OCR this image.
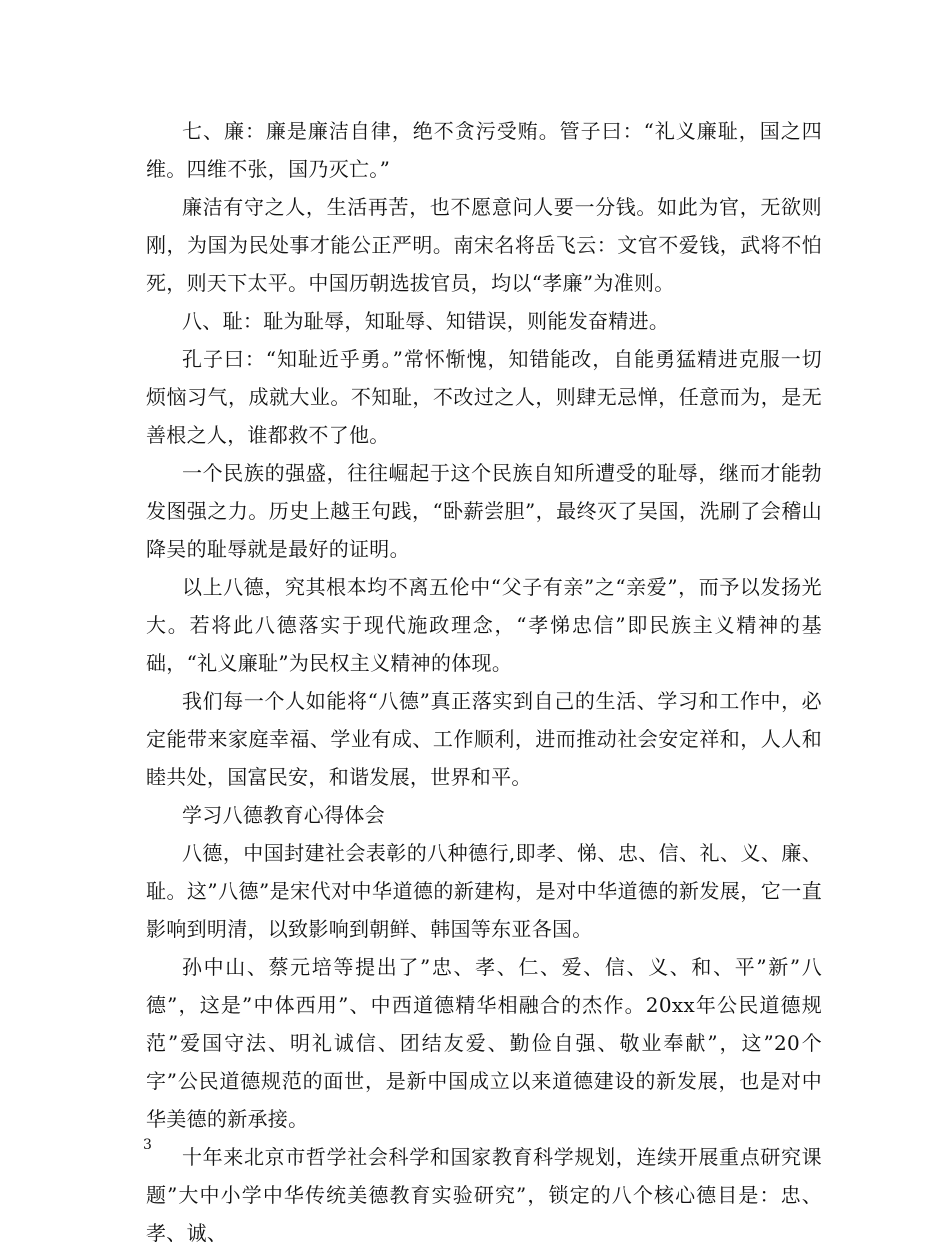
七、廉：廉是廉洁自律，绝不贪污受贿。管子曰：“礼义廉耻，国之四维。四维不张，国乃灭亡。”

廉洁有守之人，生活再苦，也不愿意问人要一分钱。如此为官，无欲则刚，为国为民处事才能公正严明。南宋名将岳飞云：文官不爱钱，武将不怕死，则天下太平。中国历朝选拔官员，均以“孝廉”为准则。

八、耻：耻为耻辱，知耻辱、知错误，则能发奋精进。

孔子曰：“知耻近乎勇。”常怀惭愧，知错能改，自能勇猛精进克服一切烦恼习气，成就大业。不知耻，不改过之人，则肆无忌惮，任意而为，是无善根之人，谁都救不了他。

一个民族的强盛，往往崛起于这个民族自知所遭受的耻辱，继而才能勃发图强之力。历史上越王句践，“卧薪尝胆”，最终灭了吴国，洗刷了会稽山降吴的耻辱就是最好的证明。

以上八德，究其根本均不离五伦中“父子有亲”之“亲爱”，而予以发扬光大。若将此八德落实于现代施政理念，“孝悌忠信”即民族主义精神的基础，“礼义廉耻”为民权主义精神的体现。

我们每一个人如能将“八德”真正落实到自己的生活、学习和工作中，必定能带来家庭幸福、学业有成、工作顺利，进而推动社会安定祥和，人人和睦共处，国富民安，和谐发展，世界和平。

学习八德教育心得体会

八德，中国封建社会表彰的八种德行,即孝、悌、忠、信、礼、义、廉、耻。这”八德”是宋代对中华道德的新建构，是对中华道德的新发展，它一直影响到明清，以致影响到朝鲜、韩国等东亚各国。

孙中山、蔡元培等提出了”忠、孝、仁、爱、信、义、和、平”新”八德”，这是”中体西用”、中西道德精华相融合的杰作。20xx年公民道德规范”爱国守法、明礼诚信、团结友爱、勤俭自强、敬业奉献”，这”20个字”公民道德规范的面世，是新中国成立以来道德建设的新发展，也是对中华美德的新承接。

十年来北京市哲学社会科学和国家教育科学规划，连续开展重点研究课题”大中小学中华传统美德教育实验研究”，锁定的八个核心德目是：忠、孝、诚、

3
